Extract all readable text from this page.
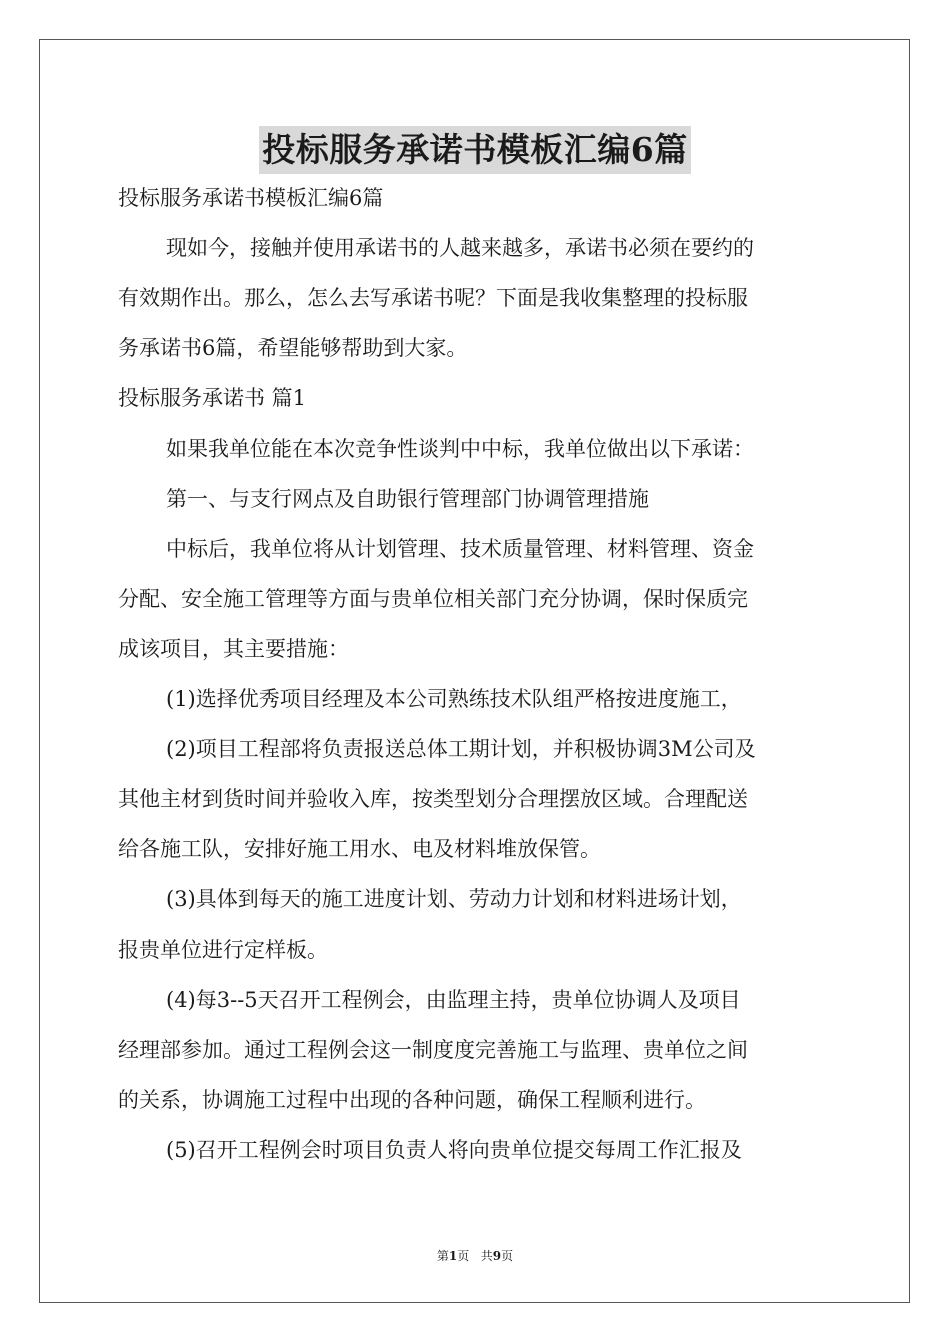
投标服务承诺书模板汇编6篇
投标服务承诺书模板汇编6篇
现如今，接触并使用承诺书的人越来越多，承诺书必须在要约的
有效期作出。那么，怎么去写承诺书呢？下面是我收集整理的投标服
务承诺书6篇，希望能够帮助到大家。
投标服务承诺书 篇1
如果我单位能在本次竞争性谈判中中标，我单位做出以下承诺：
第一、与支行网点及自助银行管理部门协调管理措施
中标后，我单位将从计划管理、技术质量管理、材料管理、资金
分配、安全施工管理等方面与贵单位相关部门充分协调，保时保质完
成该项目，其主要措施：
(1)选择优秀项目经理及本公司熟练技术队组严格按进度施工，
(2)项目工程部将负责报送总体工期计划，并积极协调3M公司及
其他主材到货时间并验收入库，按类型划分合理摆放区域。合理配送
给各施工队，安排好施工用水、电及材料堆放保管。
(3)具体到每天的施工进度计划、劳动力计划和材料进场计划，
报贵单位进行定样板。
(4)每3--5天召开工程例会，由监理主持，贵单位协调人及项目
经理部参加。通过工程例会这一制度度完善施工与监理、贵单位之间
的关系，协调施工过程中出现的各种问题，确保工程顺利进行。
(5)召开工程例会时项目负责人将向贵单位提交每周工作汇报及
第1页 共9页
